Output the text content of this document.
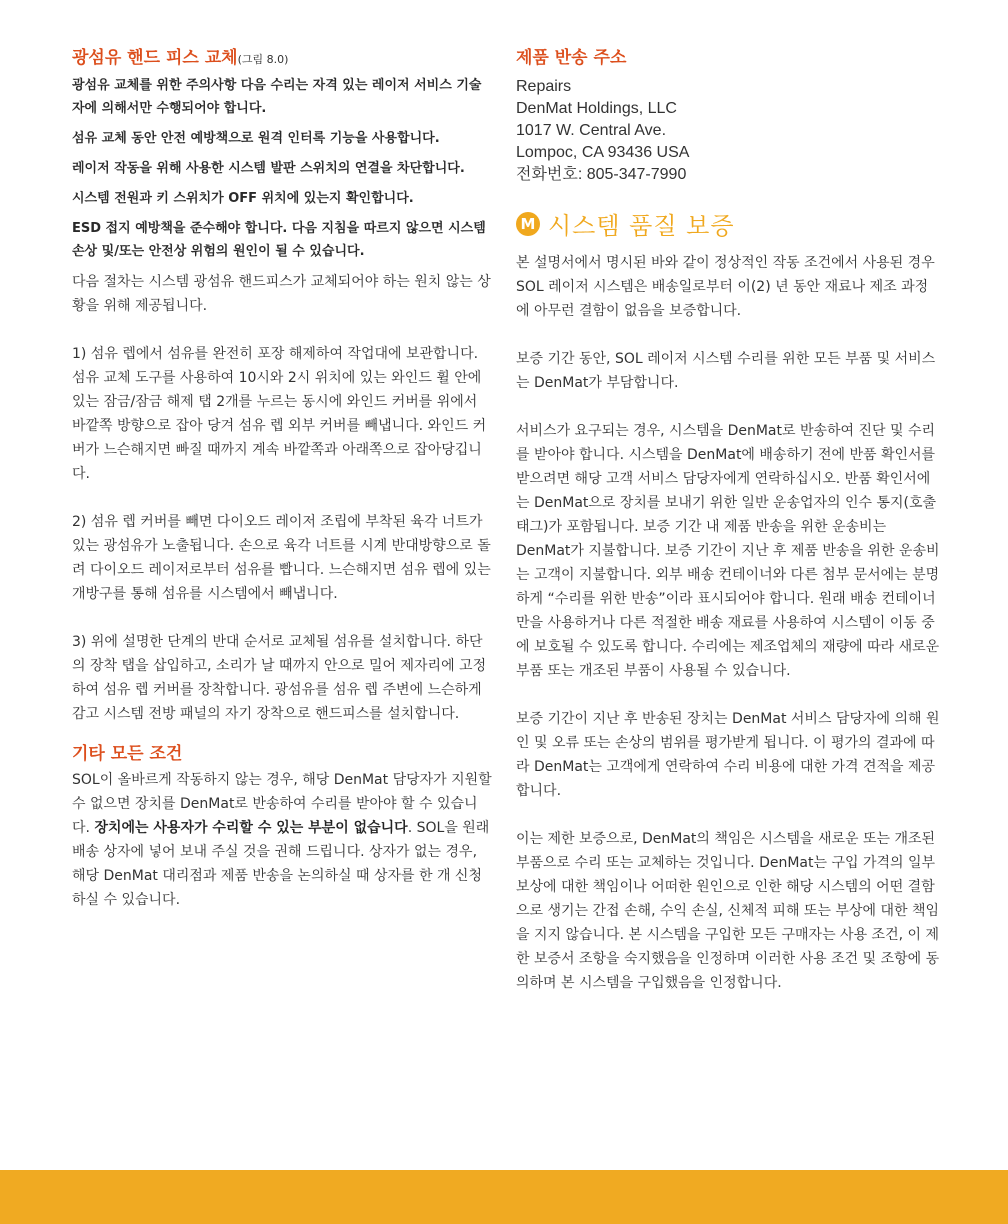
광섬유 핸드 피스 교체(그림 8.0)

광섬유 교체를 위한 주의사항 다음 수리는 자격 있는 레이저 서비스 기술자에 의해서만 수행되어야 합니다.

섬유 교체 동안 안전 예방책으로 원격 인터록 기능을 사용합니다.

레이저 작동을 위해 사용한 시스템 발판 스위치의 연결을 차단합니다.

시스템 전원과 키 스위치가 OFF 위치에 있는지 확인합니다.

ESD 접지 예방책을 준수해야 합니다. 다음 지침을 따르지 않으면 시스템 손상 및/또는 안전상 위험의 원인이 될 수 있습니다.

다음 절차는 시스템 광섬유 핸드피스가 교체되어야 하는 원치 않는 상황을 위해 제공됩니다.

1) 섬유 렙에서 섬유를 완전히 포장 해제하여 작업대에 보관합니다. 섬유 교체 도구를 사용하여 10시와 2시 위치에 있는 와인드 휠 안에 있는 잠금/잠금 해제 탭 2개를 누르는 동시에 와인드 커버를 위에서 바깥쪽 방향으로 잡아 당겨 섬유 렙 외부 커버를 빼냅니다. 와인드 커버가 느슨해지면 빠질 때까지 계속 바깥쪽과 아래쪽으로 잡아당깁니다.

2) 섬유 렙 커버를 빼면 다이오드 레이저 조립에 부착된 육각 너트가 있는 광섬유가 노출됩니다. 손으로 육각 너트를 시계 반대방향으로 돌려 다이오드 레이저로부터 섬유를 빱니다. 느슨해지면 섬유 렙에 있는 개방구를 통해 섬유를 시스템에서 빼냅니다.

3) 위에 설명한 단계의 반대 순서로 교체될 섬유를 설치합니다. 하단의 장착 탭을 삽입하고, 소리가 날 때까지 안으로 밀어 제자리에 고정하여 섬유 렙 커버를 장착합니다. 광섬유를 섬유 렙 주변에 느슨하게 감고 시스템 전방 패널의 자기 장착으로 핸드피스를 설치합니다.

기타 모든 조건

SOL이 올바르게 작동하지 않는 경우, 해당 DenMat 담당자가 지원할 수 없으면 장치를 DenMat로 반송하여 수리를 받아야 할 수 있습니다. 장치에는 사용자가 수리할 수 있는 부분이 없습니다. SOL을 원래 배송 상자에 넣어 보내 주실 것을 권해 드립니다. 상자가 없는 경우, 해당 DenMat 대리점과 제품 반송을 논의하실 때 상자를 한 개 신청하실 수 있습니다.

제품 반송 주소
Repairs
DenMat Holdings, LLC
1017 W. Central Ave.
Lompoc, CA 93436 USA
전화번호: 805-347-7990
M 시스템 품질 보증

본 설명서에서 명시된 바와 같이 정상적인 작동 조건에서 사용된 경우 SOL 레이저 시스템은 배송일로부터 이(2) 년 동안 재료나 제조 과정에 아무런 결함이 없음을 보증합니다.

보증 기간 동안, SOL 레이저 시스템 수리를 위한 모든 부품 및 서비스는 DenMat가 부담합니다.

서비스가 요구되는 경우, 시스템을 DenMat로 반송하여 진단 및 수리를 받아야 합니다. 시스템을 DenMat에 배송하기 전에 반품 확인서를 받으려면 해당 고객 서비스 담당자에게 연락하십시오. 반품 확인서에는 DenMat으로 장치를 보내기 위한 일반 운송업자의 인수 통지(호출 태그)가 포함됩니다. 보증 기간 내 제품 반송을 위한 운송비는 DenMat가 지불합니다. 보증 기간이 지난 후 제품 반송을 위한 운송비는 고객이 지불합니다. 외부 배송 컨테이너와 다른 첨부 문서에는 분명하게 “수리를 위한 반송”이라 표시되어야 합니다. 원래 배송 컨테이너만을 사용하거나 다른 적절한 배송 재료를 사용하여 시스템이 이동 중에 보호될 수 있도록 합니다. 수리에는 제조업체의 재량에 따라 새로운 부품 또는 개조된 부품이 사용될 수 있습니다.

보증 기간이 지난 후 반송된 장치는 DenMat 서비스 담당자에 의해 원인 및 오류 또는 손상의 범위를 평가받게 됩니다. 이 평가의 결과에 따라 DenMat는 고객에게 연락하여 수리 비용에 대한 가격 견적을 제공합니다.

이는 제한 보증으로, DenMat의 책임은 시스템을 새로운 또는 개조된 부품으로 수리 또는 교체하는 것입니다. DenMat는 구입 가격의 일부 보상에 대한 책임이나 어떠한 원인으로 인한 해당 시스템의 어떤 결함으로 생기는 간접 손해, 수익 손실, 신체적 피해 또는 부상에 대한 책임을 지지 않습니다. 본 시스템을 구입한 모든 구매자는 사용 조건, 이 제한 보증서 조항을 숙지했음을 인정하며 이러한 사용 조건 및 조항에 동의하며 본 시스템을 구입했음을 인정합니다.
